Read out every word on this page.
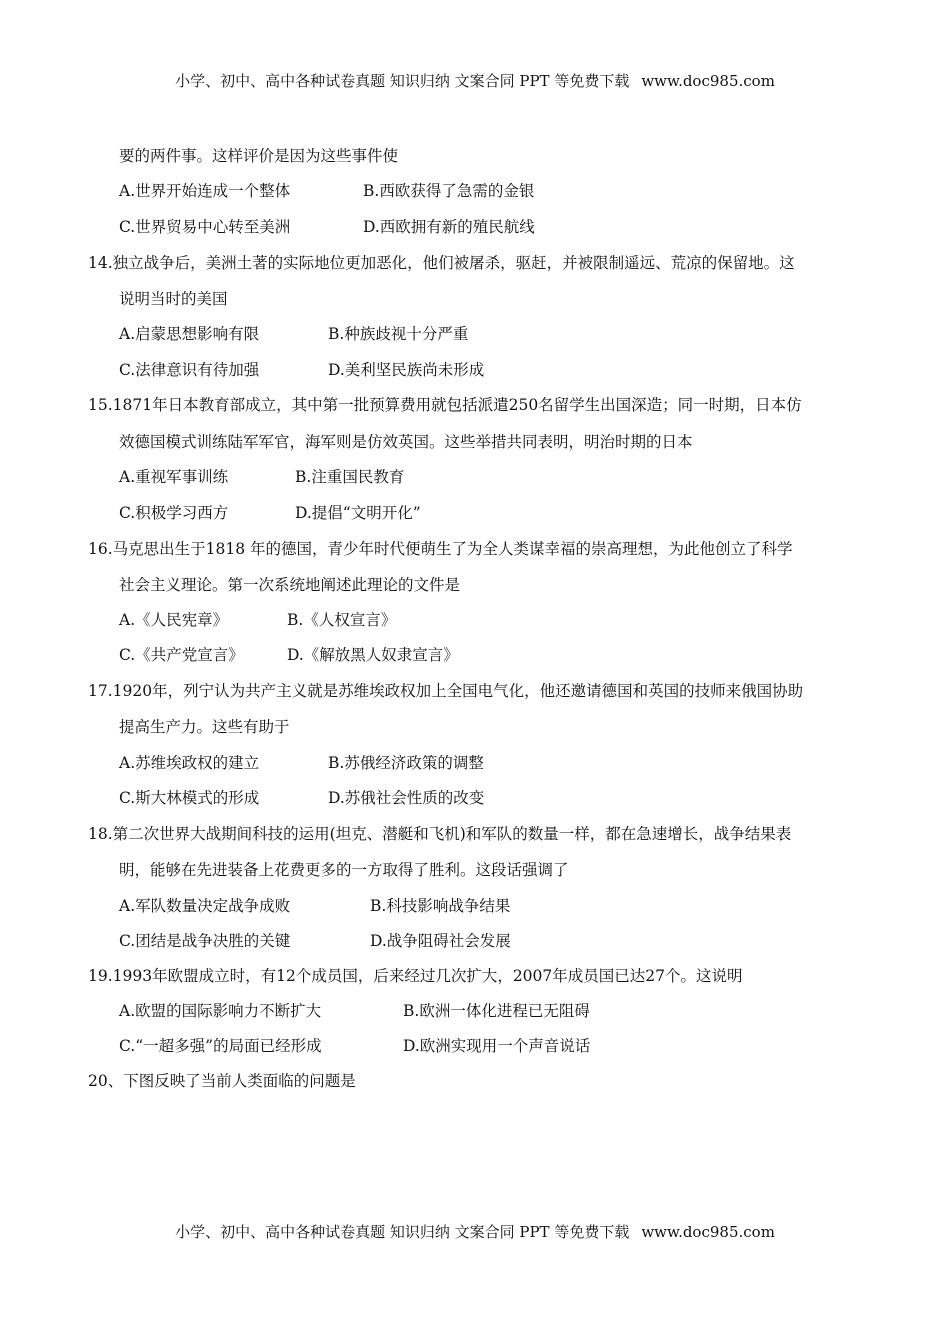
小学、初中、高中各种试卷真题 知识归纳 文案合同 PPT 等免费下载 www.doc985.com
要的两件事。这样评价是因为这些事件使
A.世界开始连成一个整体	B.西欧获得了急需的金银
C.世界贸易中心转至美洲	D.西欧拥有新的殖民航线
14.独立战争后，美洲土著的实际地位更加恶化，他们被屠杀，驱赶，并被限制遥远、荒凉的保留地。这
说明当时的美国
A.启蒙思想影响有限	B.种族歧视十分严重
C.法律意识有待加强	D.美利坚民族尚未形成
15.1871年日本教育部成立，其中第一批预算费用就包括派遣250名留学生出国深造；同一时期，日本仿
效德国模式训练陆军军官，海军则是仿效英国。这些举措共同表明，明治时期的日本
A.重视军事训练	B.注重国民教育
C.积极学习西方	D.提倡“文明开化”
16.马克思出生于1818 年的德国，青少年时代便萌生了为全人类谋幸福的崇高理想，为此他创立了科学
社会主义理论。第一次系统地阐述此理论的文件是
A.《人民宪章》	B.《人权宣言》
C.《共产党宣言》	D.《解放黑人奴隶宣言》
17.1920年，列宁认为共产主义就是苏维埃政权加上全国电气化，他还邀请德国和英国的技师来俄国协助
提高生产力。这些有助于
A.苏维埃政权的建立	B.苏俄经济政策的调整
C.斯大林模式的形成	D.苏俄社会性质的改变
18.第二次世界大战期间科技的运用(坦克、潜艇和飞机)和军队的数量一样，都在急速增长，战争结果表
明，能够在先进装备上花费更多的一方取得了胜利。这段话强调了
A.军队数量决定战争成败	B.科技影响战争结果
C.团结是战争决胜的关键	D.战争阻碍社会发展
19.1993年欧盟成立时，有12个成员国，后来经过几次扩大，2007年成员国已达27个。这说明
A.欧盟的国际影响力不断扩大	B.欧洲一体化进程已无阻碍
C.“一超多强”的局面已经形成	D.欧洲实现用一个声音说话
20、下图反映了当前人类面临的问题是
小学、初中、高中各种试卷真题 知识归纳 文案合同 PPT 等免费下载 www.doc985.com
